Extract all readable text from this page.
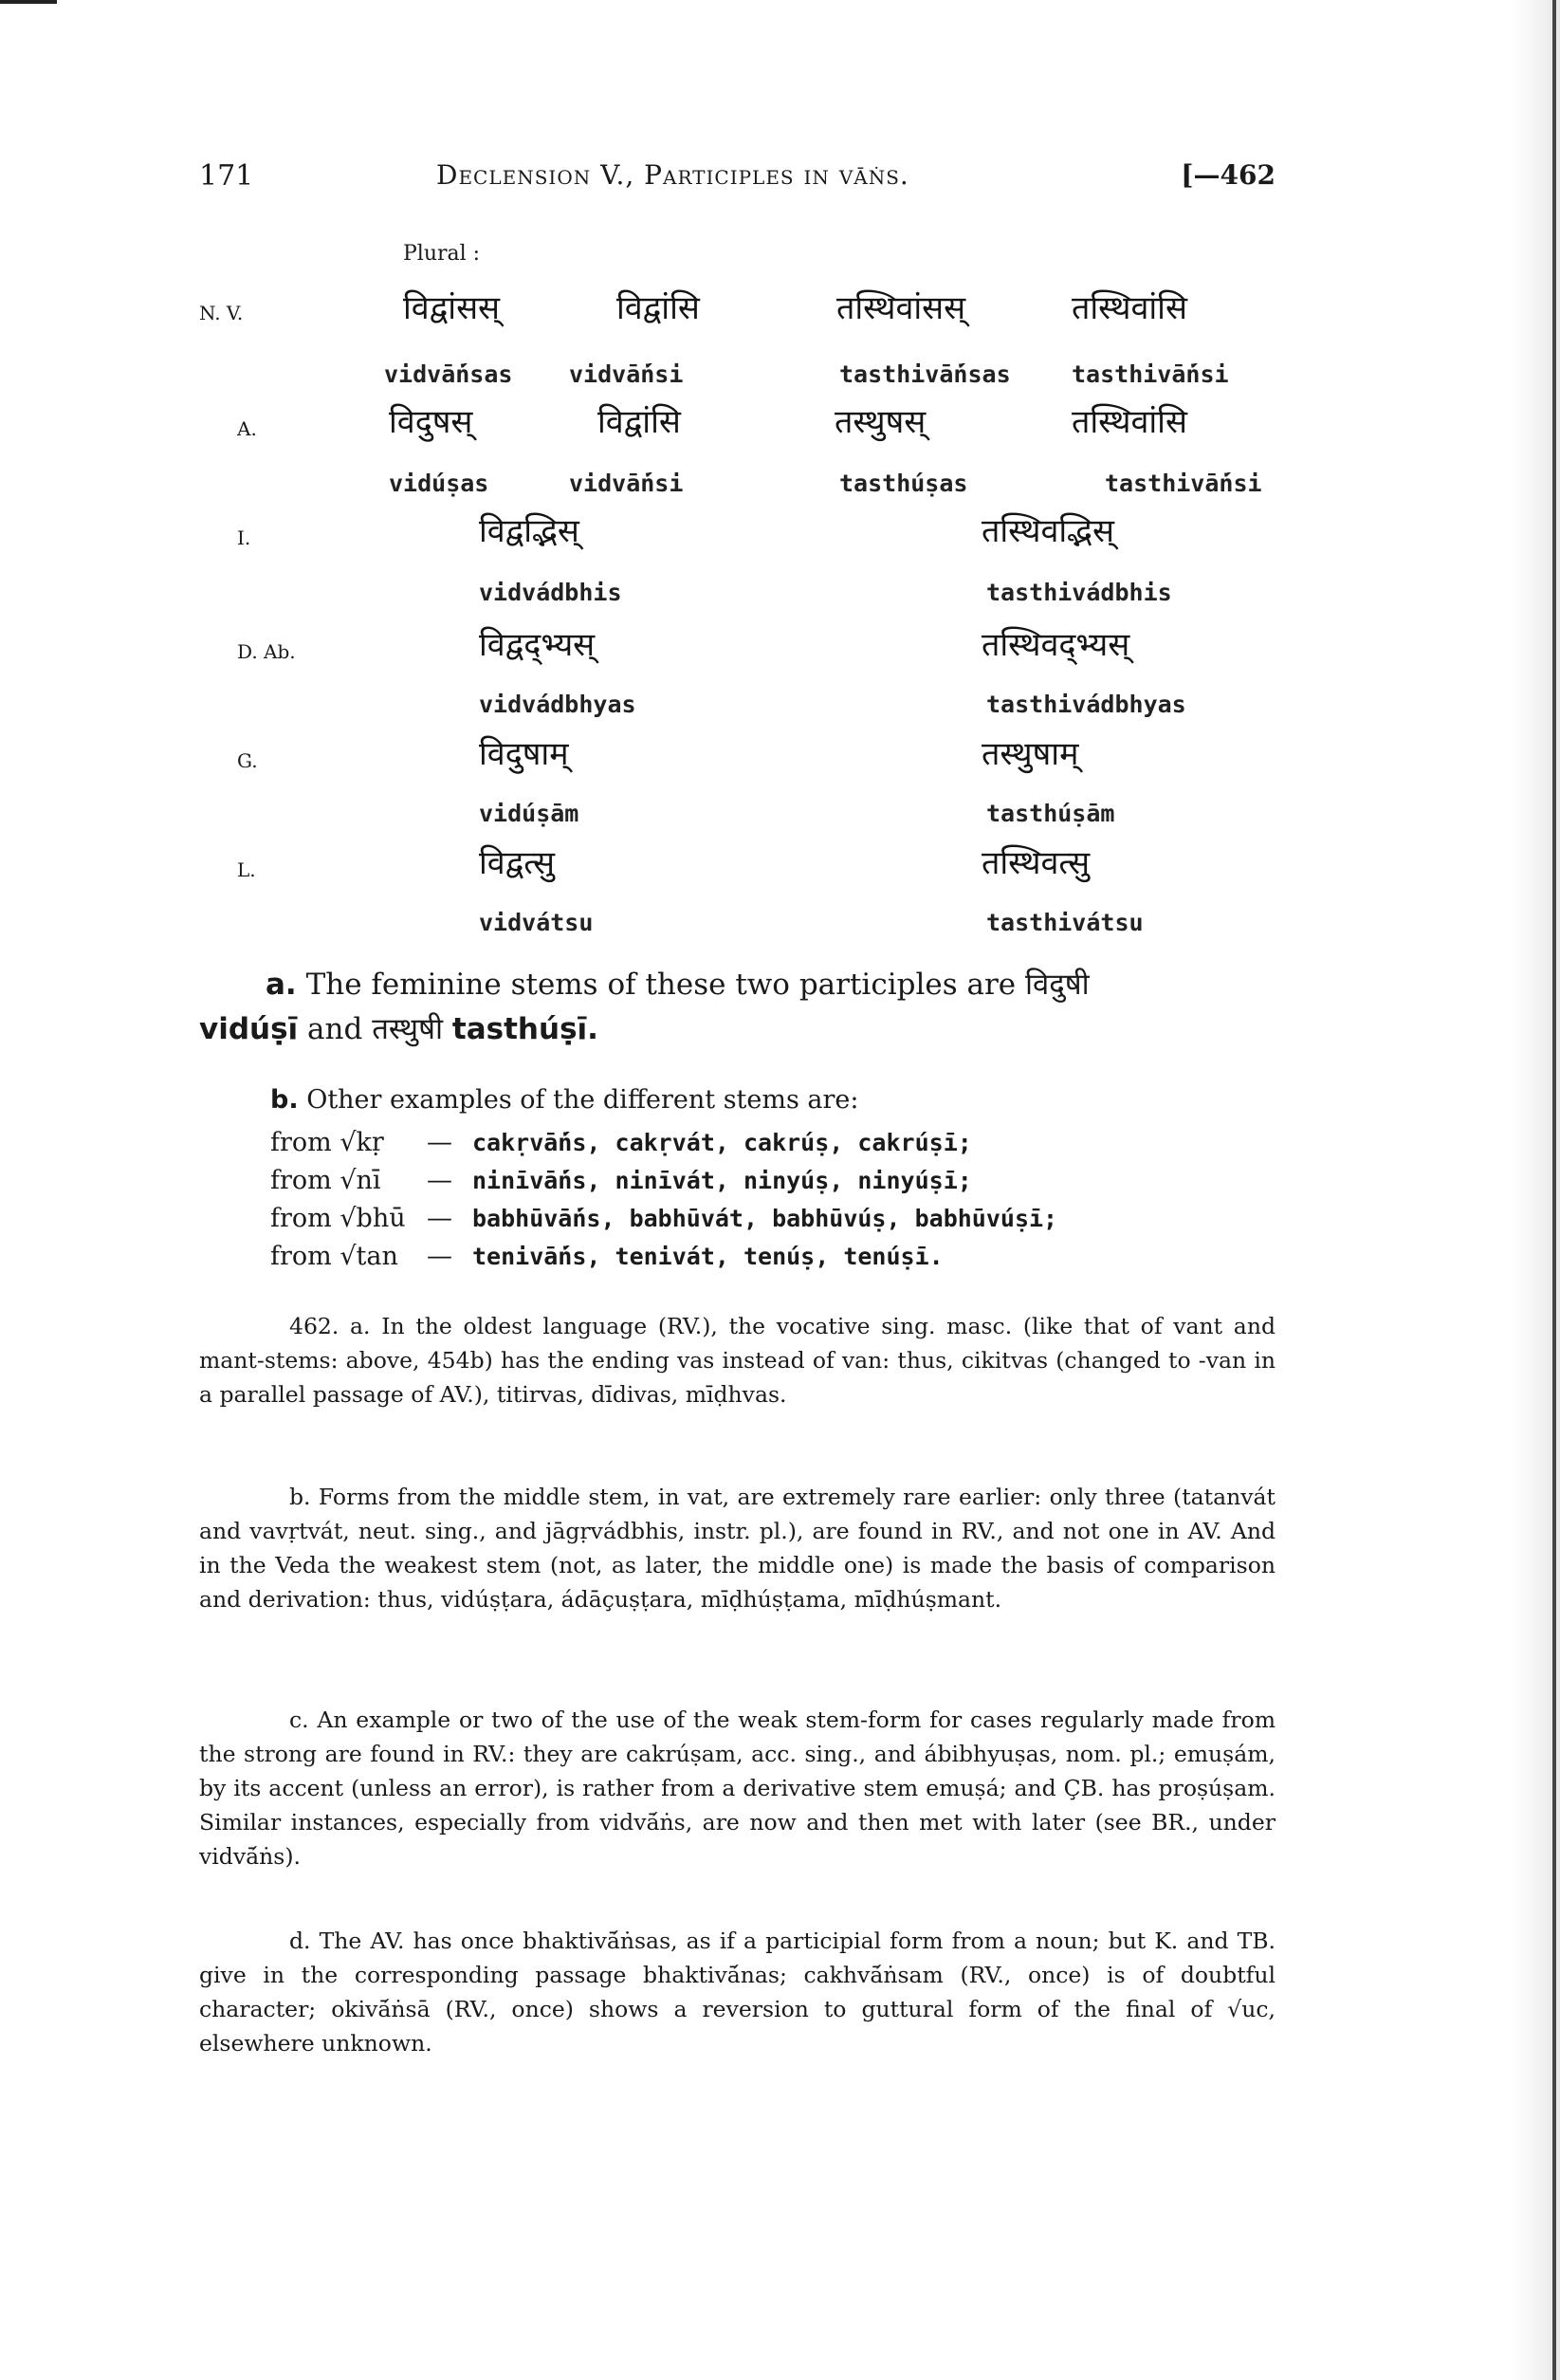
171	Declension V., Participles in vāṅs.	[—462
Plural :
N. V.	विद्वांसस्	विद्वांसि	तस्थिवांसस्	तस्थिवांसि
vidvā́ṅsas vidvā́ṅsi	tasthivā́ṅsas	tasthivā́ṅsi
A.	विदुषस्	विद्वांसि	तस्थुषस्	तस्थिवांसि
vidúṣas	vidvā́ṅsi	tasthúṣas	tasthivā́ṅsi
I.	विद्वद्भिस्	तस्थिवद्भिस्
vidvádbhis	tasthivádbhis
D. Ab.	विद्वद्भ्यस्	तस्थिवद्भ्यस्
vidvádbhyas	tasthivádbhyas
G.	विदुषाम्	तस्थुषाम्
vidúṣām	tasthúṣām
L.	विद्वत्सु	तस्थिवत्सु
vidvátsu	tasthivátsu
a. The feminine stems of these two participles are विदुषी
vidúṣī and तस्थुषी tasthúṣī.
b. Other examples of the different stems are:
from √kṛ — cakṛvā́ṅs, cakṛvát, cakrúṣ, cakrúṣī;
from √nī — ninīvā́ṅs, ninīvát, ninyúṣ, ninyúṣī;
from √bhū — babhūvā́ṅs, babhūvát, babhūvúṣ, babhūvúṣī;
from √tan — tenivā́ṅs, tenivát, tenúṣ, tenúṣī.
462. a. In the oldest language (RV.), the vocative sing. masc. (like that of vant and mant-stems: above, 454b) has the ending vas instead of van: thus, cikitvas (changed to -van in a parallel passage of AV.), titirvas, dīdivas, mīḍhvas.
b. Forms from the middle stem, in vat, are extremely rare earlier: only three (tatanvát and vavṛtvát, neut. sing., and jāgṛvádbhis, instr. pl.), are found in RV., and not one in AV. And in the Veda the weakest stem (not, as later, the middle one) is made the basis of comparison and derivation: thus, vidúṣṭara, ádāçuṣṭara, mīḍhúṣṭama, mīḍhúṣmant.
c. An example or two of the use of the weak stem-form for cases regularly made from the strong are found in RV.: they are cakrúṣam, acc. sing., and ábibhyuṣas, nom. pl.; emuṣám, by its accent (unless an error), is rather from a derivative stem emuṣá; and ÇB. has proṣúṣam. Similar instances, especially from vidvā́ṅs, are now and then met with later (see BR., under vidvā́ṅs).
d. The AV. has once bhaktivā́ṅsas, as if a participial form from a noun; but K. and TB. give in the corresponding passage bhaktivā́nas; cakhvā́ṅsam (RV., once) is of doubtful character; okivā́ṅsā (RV., once) shows a reversion to guttural form of the final of √uc, elsewhere unknown.
